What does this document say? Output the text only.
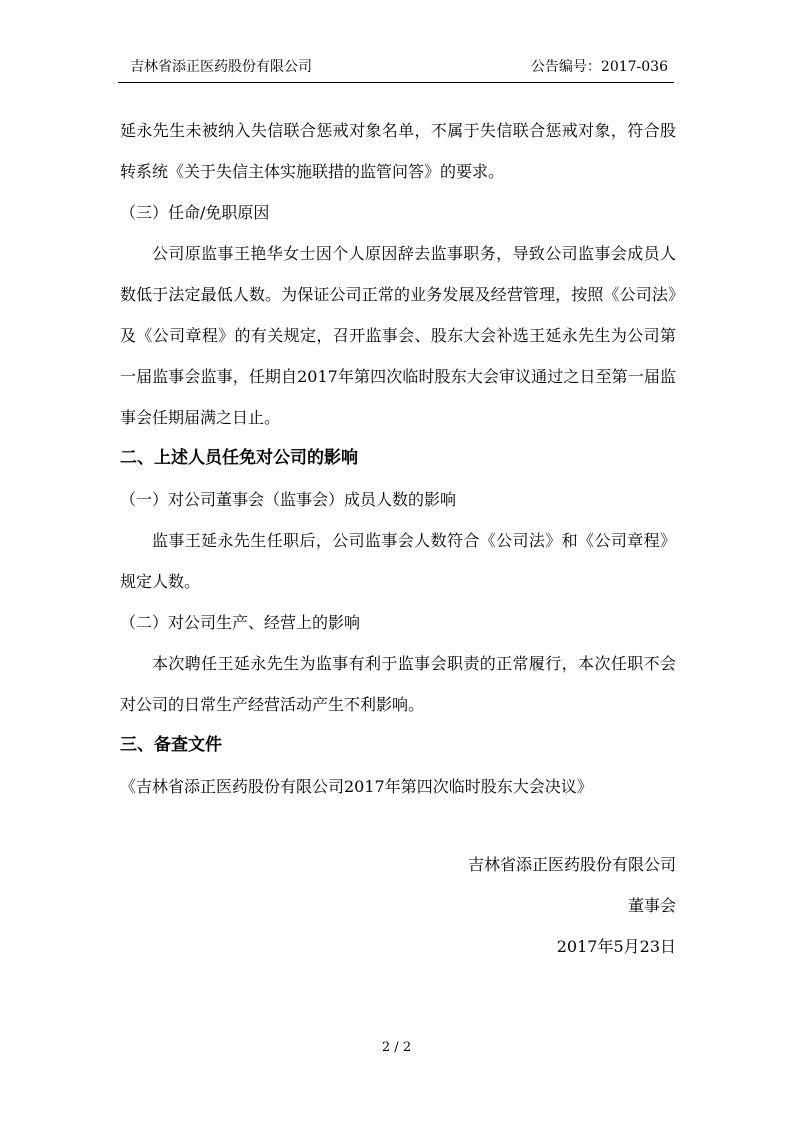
吉林省添正医药股份有限公司	公告编号：2017-036

延永先生未被纳入失信联合惩戒对象名单，不属于失信联合惩戒对象，符合股转系统《关于失信主体实施联措的监管问答》的要求。

（三）任命/免职原因

公司原监事王艳华女士因个人原因辞去监事职务，导致公司监事会成员人数低于法定最低人数。为保证公司正常的业务发展及经营管理，按照《公司法》及《公司章程》的有关规定，召开监事会、股东大会补选王延永先生为公司第一届监事会监事，任期自2017年第四次临时股东大会审议通过之日至第一届监事会任期届满之日止。

二、上述人员任免对公司的影响

（一）对公司董事会（监事会）成员人数的影响

监事王延永先生任职后，公司监事会人数符合《公司法》和《公司章程》规定人数。

（二）对公司生产、经营上的影响

本次聘任王延永先生为监事有利于监事会职责的正常履行，本次任职不会对公司的日常生产经营活动产生不利影响。

三、备查文件

《吉林省添正医药股份有限公司2017年第四次临时股东大会决议》

吉林省添正医药股份有限公司

董事会

2017年5月23日

2 / 2
